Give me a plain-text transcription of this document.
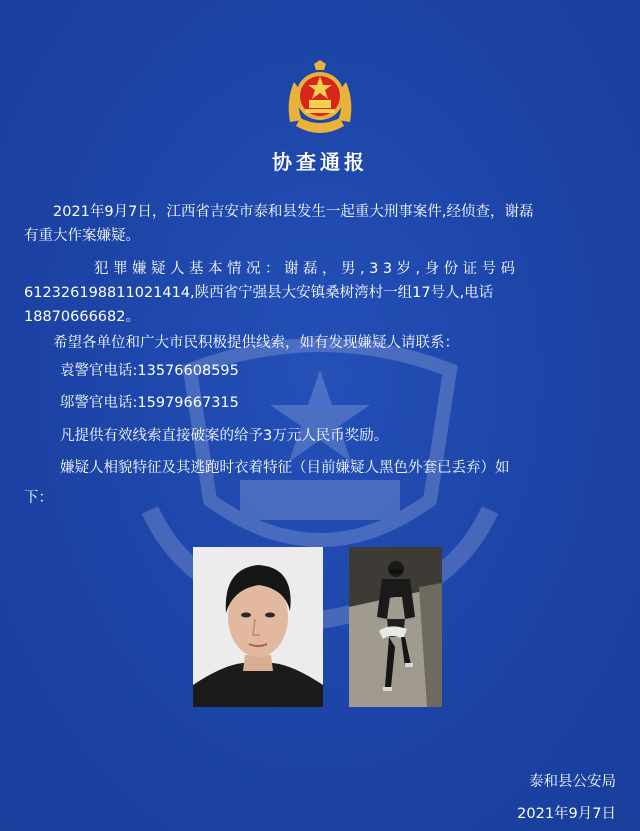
协查通报
2021年9月7日，江西省吉安市泰和县发生一起重大刑事案件,经侦查，谢磊
有重大作案嫌疑。
犯罪嫌疑人基本情况：谢磊，男,33岁,身份证号码
612326198811021414,陕西省宁强县大安镇桑树湾村一组17号人,电话
18870666682。
希望各单位和广大市民积极提供线索，如有发现嫌疑人请联系：
袁警官电话:13576608595
邬警官电话:15979667315
凡提供有效线索直接破案的给予3万元人民币奖励。
嫌疑人相貌特征及其逃跑时衣着特征（目前嫌疑人黑色外套已丢弃）如
下：
泰和县公安局
2021年9月7日
